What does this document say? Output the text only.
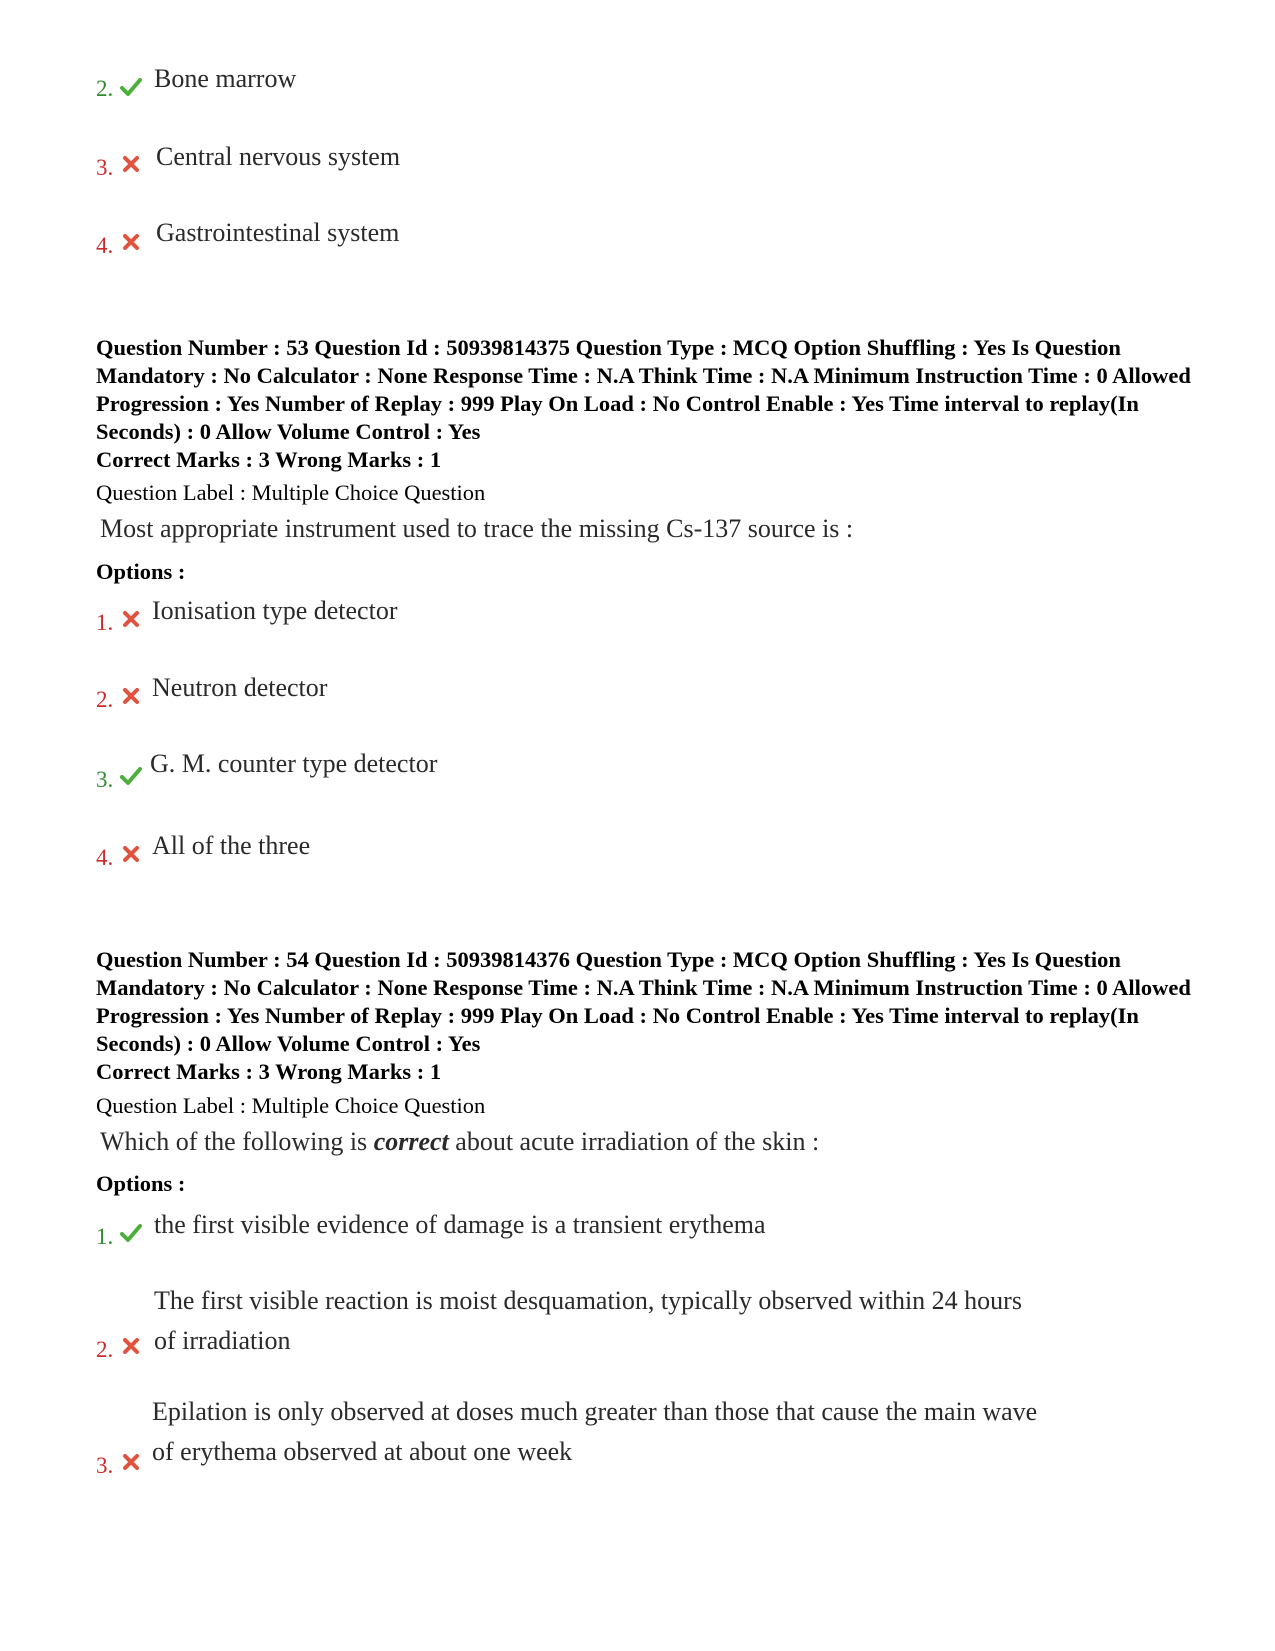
2. Bone marrow
3. Central nervous system
4. Gastrointestinal system
Question Number : 53 Question Id : 50939814375 Question Type : MCQ Option Shuffling : Yes Is Question Mandatory : No Calculator : None Response Time : N.A Think Time : N.A Minimum Instruction Time : 0 Allowed Progression : Yes Number of Replay : 999 Play On Load : No Control Enable : Yes Time interval to replay(In Seconds) : 0 Allow Volume Control : Yes
Correct Marks : 3 Wrong Marks : 1
Question Label : Multiple Choice Question
Most appropriate instrument used to trace the missing Cs-137 source is :
Options :
1. Ionisation type detector
2. Neutron detector
3.
G. M. counter type detector
4. All of the three
Question Number : 54 Question Id : 50939814376 Question Type : MCQ Option Shuffling : Yes Is Question Mandatory : No Calculator : None Response Time : N.A Think Time : N.A Minimum Instruction Time : 0 Allowed Progression : Yes Number of Replay : 999 Play On Load : No Control Enable : Yes Time interval to replay(In Seconds) : 0 Allow Volume Control : Yes
Correct Marks : 3 Wrong Marks : 1
Question Label : Multiple Choice Question
Which of the following is correct about acute irradiation of the skin :
Options :
1. the first visible evidence of damage is a transient erythema
2.
The first visible reaction is moist desquamation, typically observed within 24 hours
of irradiation
3.
Epilation is only observed at doses much greater than those that cause the main wave
of erythema observed at about one week
